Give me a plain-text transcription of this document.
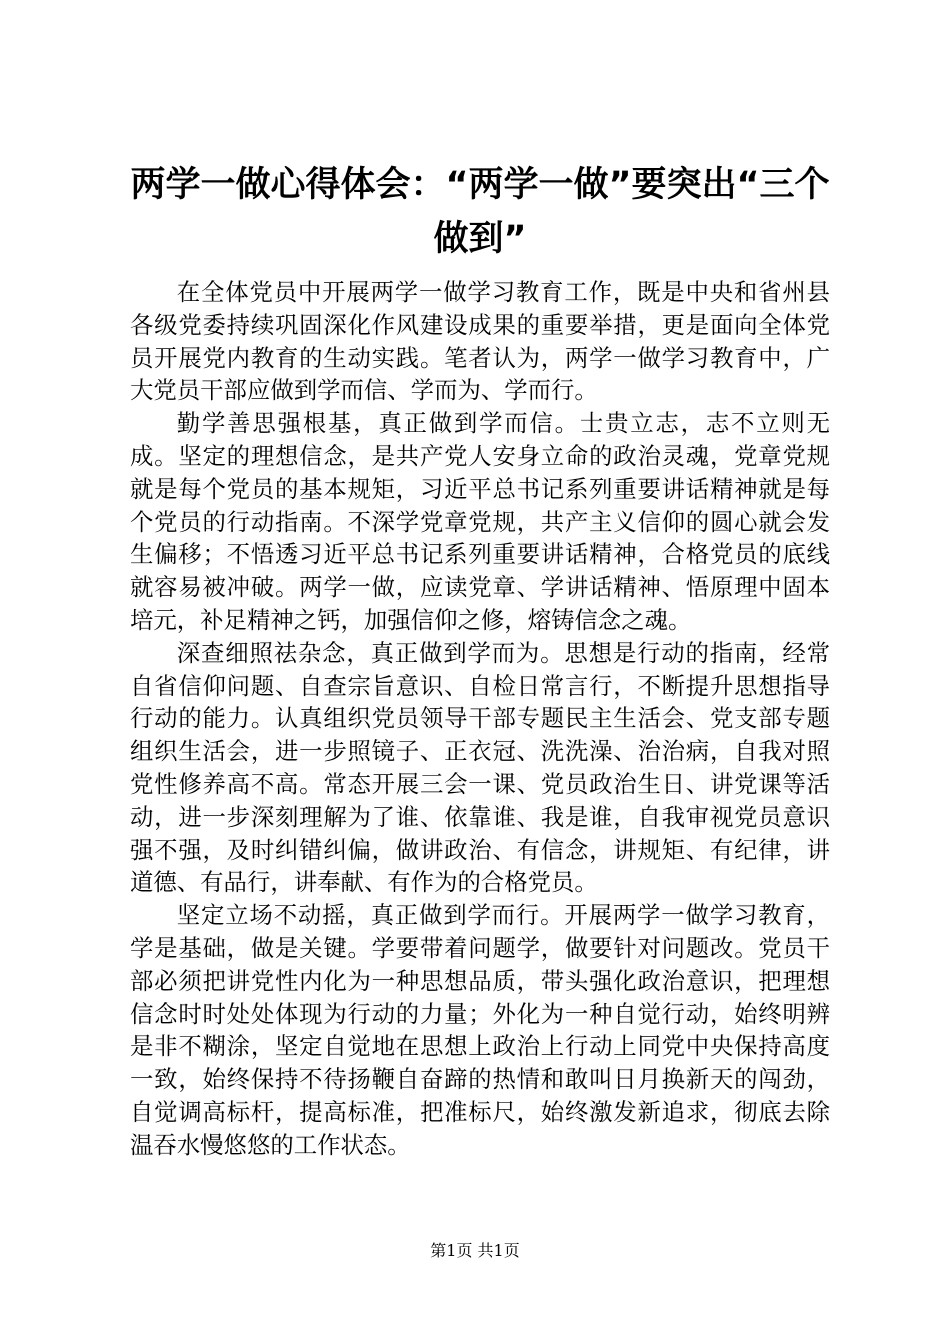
两学一做心得体会：“两学一做”要突出“三个做到”

在全体党员中开展两学一做学习教育工作，既是中央和省州县各级党委持续巩固深化作风建设成果的重要举措，更是面向全体党员开展党内教育的生动实践。笔者认为，两学一做学习教育中，广大党员干部应做到学而信、学而为、学而行。

勤学善思强根基，真正做到学而信。士贵立志，志不立则无成。坚定的理想信念，是共产党人安身立命的政治灵魂，党章党规就是每个党员的基本规矩，习近平总书记系列重要讲话精神就是每个党员的行动指南。不深学党章党规，共产主义信仰的圆心就会发生偏移；不悟透习近平总书记系列重要讲话精神，合格党员的底线就容易被冲破。两学一做，应读党章、学讲话精神、悟原理中固本培元，补足精神之钙，加强信仰之修，熔铸信念之魂。

深查细照祛杂念，真正做到学而为。思想是行动的指南，经常自省信仰问题、自查宗旨意识、自检日常言行，不断提升思想指导行动的能力。认真组织党员领导干部专题民主生活会、党支部专题组织生活会，进一步照镜子、正衣冠、洗洗澡、治治病，自我对照党性修养高不高。常态开展三会一课、党员政治生日、讲党课等活动，进一步深刻理解为了谁、依靠谁、我是谁，自我审视党员意识强不强，及时纠错纠偏，做讲政治、有信念，讲规矩、有纪律，讲道德、有品行，讲奉献、有作为的合格党员。

坚定立场不动摇，真正做到学而行。开展两学一做学习教育，学是基础，做是关键。学要带着问题学，做要针对问题改。党员干部必须把讲党性内化为一种思想品质，带头强化政治意识，把理想信念时时处处体现为行动的力量；外化为一种自觉行动，始终明辨是非不糊涂，坚定自觉地在思想上政治上行动上同党中央保持高度一致，始终保持不待扬鞭自奋蹄的热情和敢叫日月换新天的闯劲，自觉调高标杆，提高标准，把准标尺，始终激发新追求，彻底去除温吞水慢悠悠的工作状态。

第1页 共1页
